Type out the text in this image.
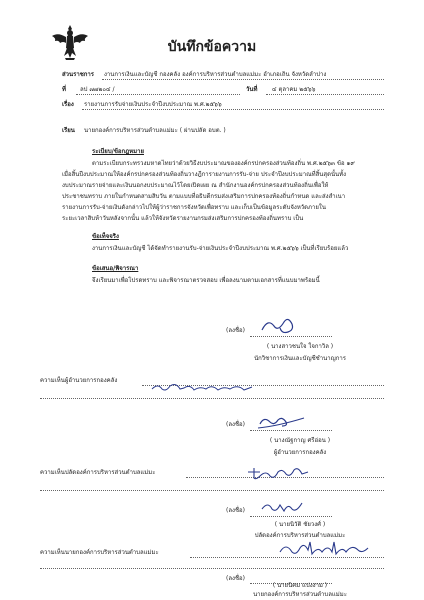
บันทึกข้อความ
ส่วนราชการ งานการเงินและบัญชี กองคลัง องค์การบริหารส่วนตำบลแม่มะ อำเภอเถิน จังหวัดลำปาง
ที่ ลป ๗๗๒๐๔ /	วันที่ ๔ ตุลาคม ๒๕๖๖
เรื่อง รายงานการรับจ่ายเงินประจำปีงบประมาณ พ.ศ.๒๕๖๖
เรียน นายกองค์การบริหารส่วนตำบลแม่มะ ( ผ่านปลัด อบต. )
ระเบียบ/ข้อกฎหมาย
ตามระเบียบกระทรวงมหาดไทยว่าด้วยวิธีงบประมาณขององค์กรปกครองส่วนท้องถิ่น พ.ศ.๒๕๖๓ ข้อ ๑๙
เมื่อสิ้นปีงบประมาณให้องค์กรปกครองส่วนท้องถิ่นวางฎีการายงานการรับ-จ่าย ประจำปีงบประมาณที่สิ้นสุดนั้นทั้ง
งบประมาณรายจ่ายและเงินนอกงบประมาณไว้โดยเปิดเผย ณ สำนักงานองค์กรปกครองส่วนท้องถิ่นเพื่อให้
ประชาชนทราบ ภายในกำหนดสามสิบวัน ตามแบบที่อธิบดีกรมส่งเสริมการปกครองท้องถิ่นกำหนด และส่งสำเนา
รายงานการรับ-จ่ายเงินดังกล่าวไปให้ผู้ว่าราชการจังหวัดเพื่อทราบ และเก็บเป็นข้อมูลระดับจังหวัดภายใน
ระยะเวลาสิบห้าวันหลังจากนั้น แล้วให้จังหวัดรายงานกรมส่งเสริมการปกครองท้องถิ่นทราบ เป็น
ข้อเท็จจริง
งานการเงินและบัญชี ได้จัดทำรายงานรับ-จ่ายเงินประจำปีงบประมาณ พ.ศ.๒๕๖๖ เป็นที่เรียบร้อยแล้ว
ข้อเสนอ/พิจารณา
จึงเรียนมาเพื่อโปรดทราบ และพิจารณาตรวจสอบ เพื่อลงนามตามเอกสารที่แนบมาพร้อมนี้
(ลงชื่อ)
( นางสาวชนใจ ใจกาวิล )
นักวิชาการเงินและบัญชีชำนาญการ
ความเห็นผู้อำนวยการกองคลัง
(ลงชื่อ)
( นางณัฐกาญ ศรีอ่อน )
ผู้อำนวยการกองคลัง
ความเห็นปลัดองค์การบริหารส่วนตำบลแม่มะ
(ลงชื่อ)
( นายนิวัติ ชัยวงศ์ )
ปลัดองค์การบริหารส่วนตำบลแม่มะ
ความเห็นนายกองค์การบริหารส่วนตำบลแม่มะ
(ลงชื่อ)
( นายนิคม แปงงาม )
นายกองค์การบริหารส่วนตำบลแม่มะ
